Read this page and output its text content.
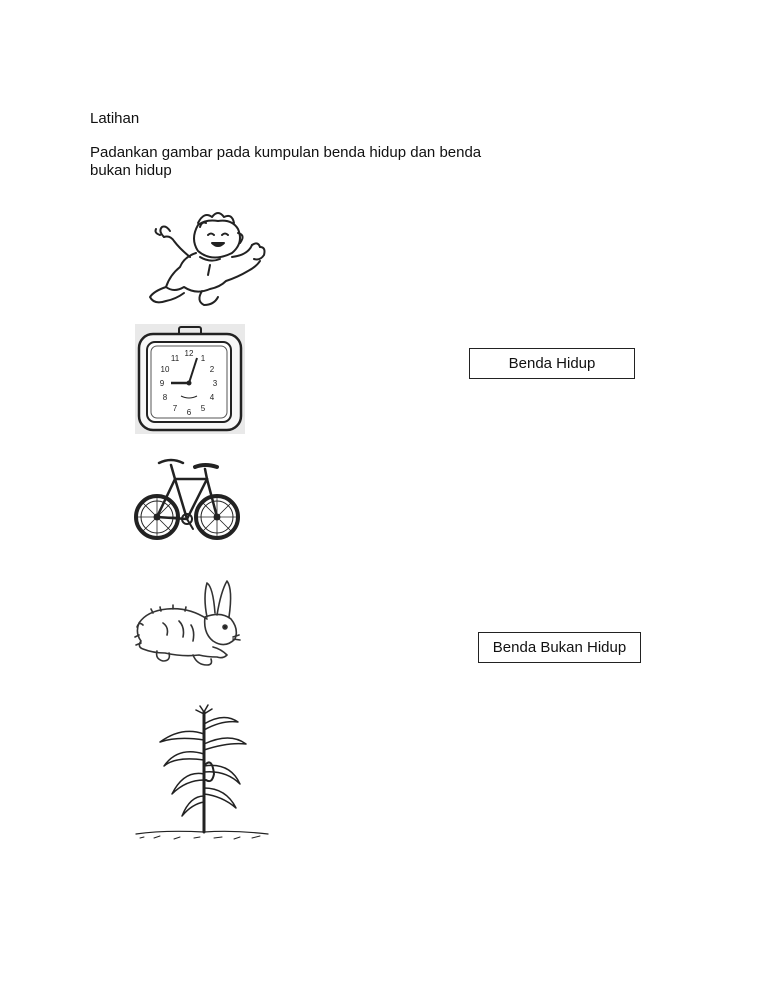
Latihan
Padankan gambar pada kumpulan benda hidup dan benda bukan hidup
12
1
2
3
4
5
6
7
8
9
10
11	Benda Hidup
Benda Bukan Hidup
